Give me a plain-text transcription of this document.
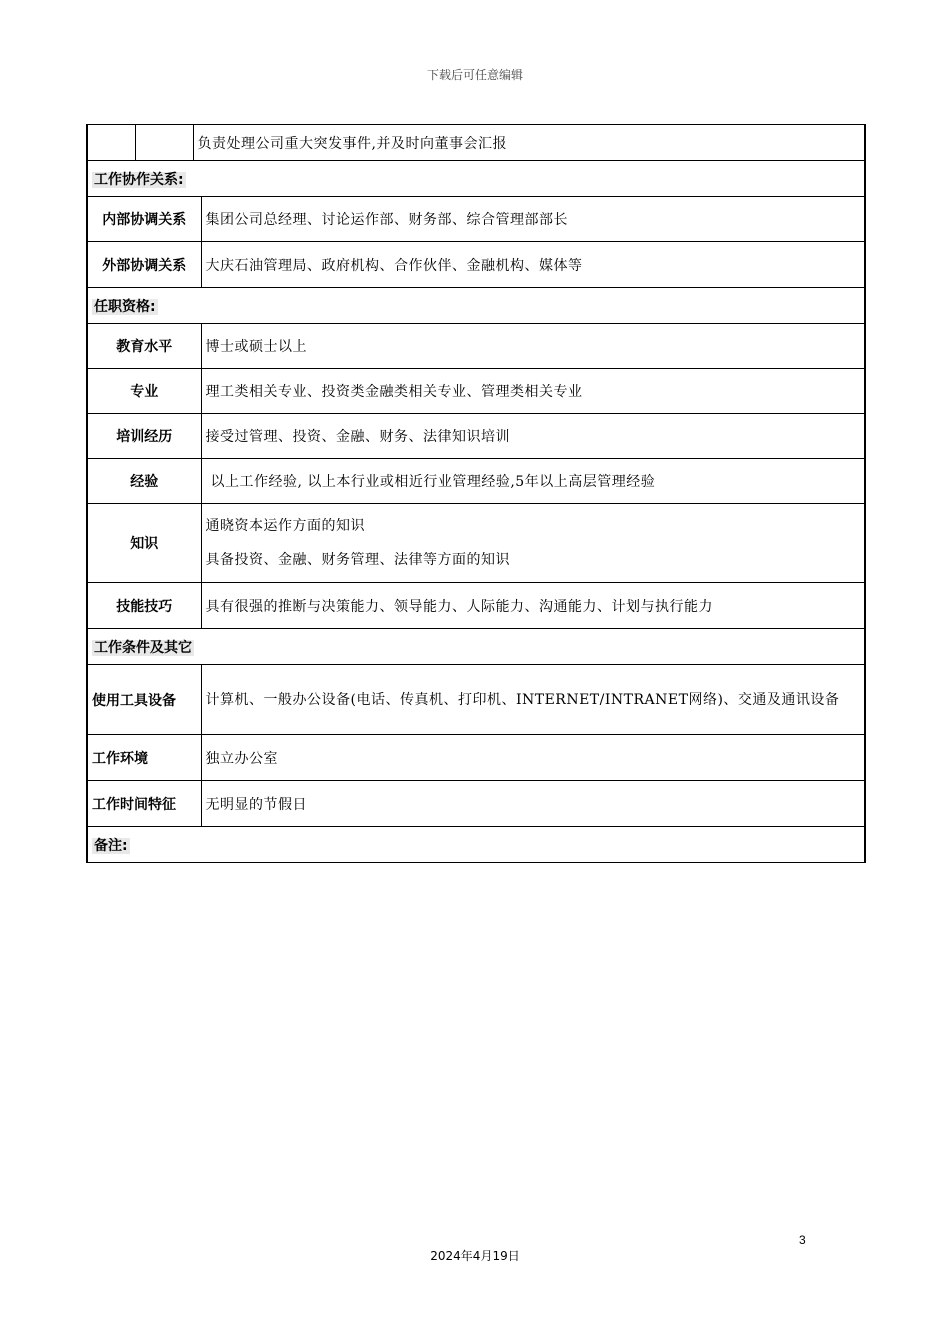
下载后可任意编辑
		负责处理公司重大突发事件,并及时向董事会汇报	
工作协作关系:			
内部协调关系			集团公司总经理、讨论运作部、财务部、综合管理部部长
外部协调关系			大庆石油管理局、政府机构、合作伙伴、金融机构、媒体等
任职资格:			
教育水平			博士或硕士以上
专业			理工类相关专业、投资类金融类相关专业、管理类相关专业
培训经历			接受过管理、投资、金融、财务、法律知识培训
经验			以上工作经验, 以上本行业或相近行业管理经验,5年以上高层管理经验
知识			通晓资本运作方面的知识
具备投资、金融、财务管理、法律等方面的知识

技能技巧			具有很强的推断与决策能力、领导能力、人际能力、沟通能力、计划与执行能力
工作条件及其它			
使用工具设备			计算机、一般办公设备(电话、传真机、打印机、INTERNET/INTRANET网络)、交通及通讯设备
工作环境			独立办公室
工作时间特征			无明显的节假日
备注:			
3
2024年4月19日
